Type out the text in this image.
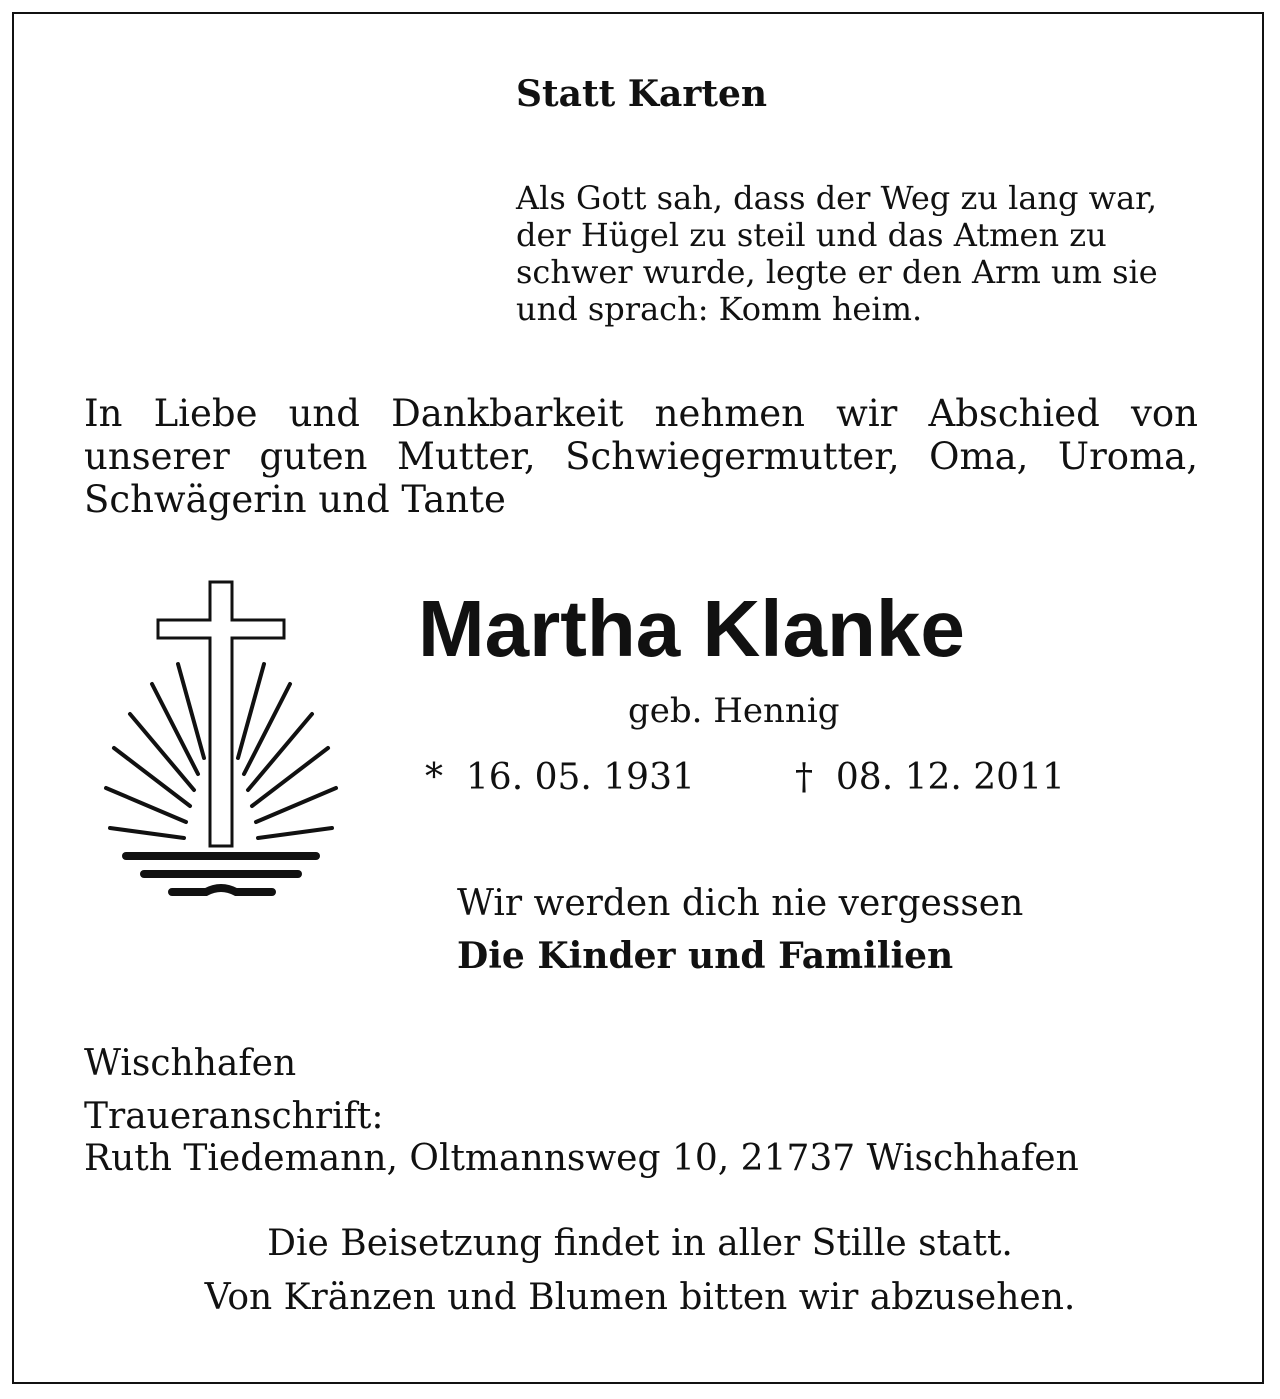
Statt Karten

Als Gott sah, dass der Weg zu lang war,
der Hügel zu steil und das Atmen zu
schwer wurde, legte er den Arm um sie
und sprach: Komm heim.
In Liebe und Dankbarkeit nehmen wir Abschied von
unserer guten Mutter, Schwiegermutter, Oma, Uroma,
Schwägerin und Tante

Martha Klanke

geb. Hennig

*  16. 05. 1931	†  08. 12. 2011

Wir werden dich nie vergessen

Die Kinder und Familien

Wischhafen

Traueranschrift:

Ruth Tiedemann, Oltmannsweg 10, 21737 Wischhafen

Die Beisetzung findet in aller Stille statt.

Von Kränzen und Blumen bitten wir abzusehen.
